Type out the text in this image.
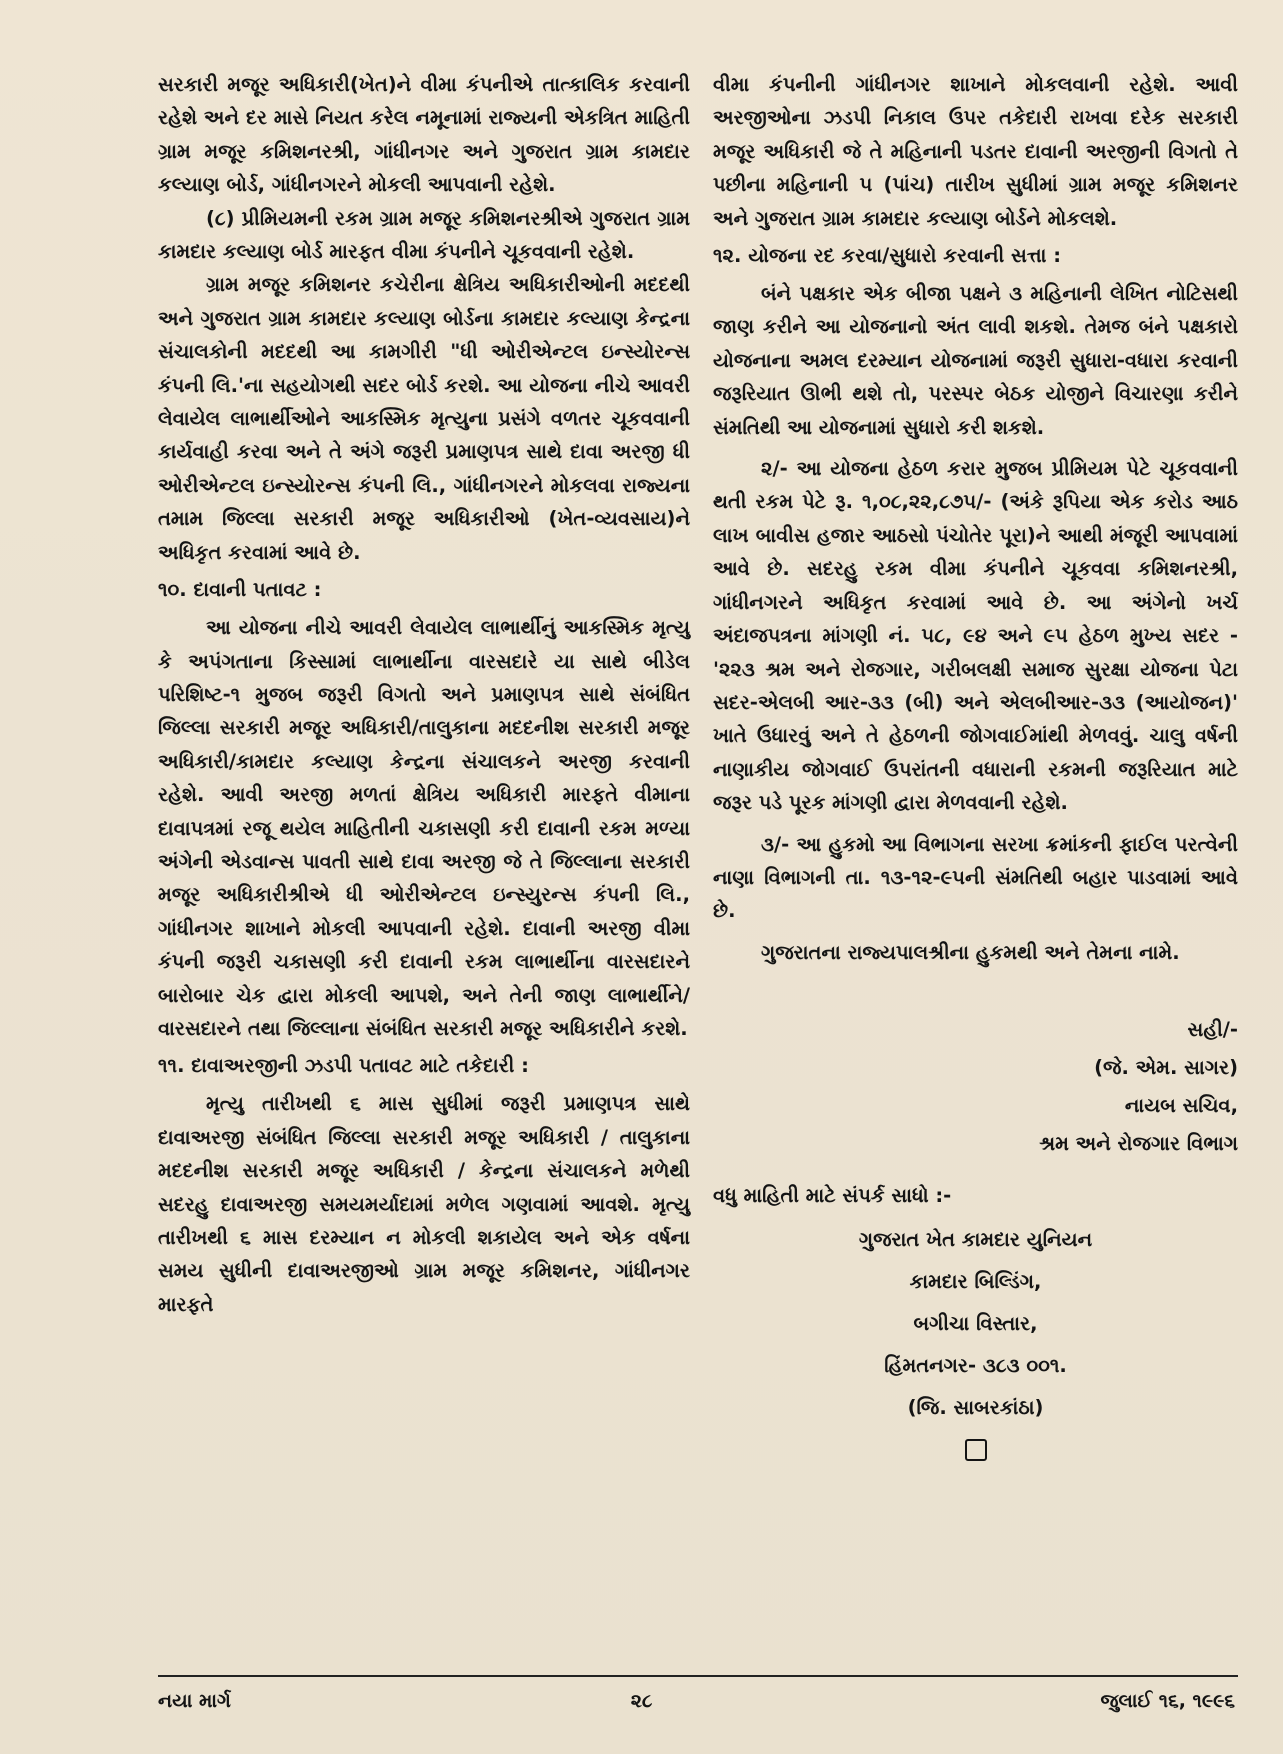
સરકારી મજૂર અધિકારી(ખેત)ને વીમા કંપનીએ તાત્કાલિક કરવાની રહેશે અને દર માસે નિયત કરેલ નમૂનામાં રાજ્યની એકત્રિત માહિતી ગ્રામ મજૂર કમિશનરશ્રી, ગાંધીનગર અને ગુજરાત ગ્રામ કામદાર કલ્યાણ બોર્ડ, ગાંધીનગરને મોકલી આપવાની રહેશે.

(૮) પ્રીમિયમની રકમ ગ્રામ મજૂર કમિશનરશ્રીએ ગુજરાત ગ્રામ કામદાર કલ્યાણ બોર્ડ મારફત વીમા કંપનીને ચૂકવવાની રહેશે.

ગ્રામ મજૂર કમિશનર કચેરીના ક્ષેત્રિય અધિકારીઓની મદદથી અને ગુજરાત ગ્રામ કામદાર કલ્યાણ બોર્ડના કામદાર કલ્યાણ કેન્દ્રના સંચાલકોની મદદથી આ કામગીરી "ધી ઓરીએન્ટલ ઇન્સ્યોરન્સ કંપની લિ.'ના સહયોગથી સદર બોર્ડ કરશે. આ યોજના નીચે આવરી લેવાયેલ લાભાર્થીઓને આકસ્મિક મૃત્યુના પ્રસંગે વળતર ચૂકવવાની કાર્યવાહી કરવા અને તે અંગે જરૂરી પ્રમાણપત્ર સાથે દાવા અરજી ધી ઓરીએન્ટલ ઇન્સ્યોરન્સ કંપની લિ., ગાંધીનગરને મોકલવા રાજ્યના તમામ જિલ્લા સરકારી મજૂર અધિકારીઓ (ખેત-વ્યવસાય)ને અધિકૃત કરવામાં આવે છે.

૧૦. દાવાની પતાવટ :

આ યોજના નીચે આવરી લેવાયેલ લાભાર્થીનું આકસ્મિક મૃત્યુ કે અપંગતાના કિસ્સામાં લાભાર્થીના વારસદારે યા સાથે બીડેલ પરિશિષ્ટ-૧ મુજબ જરૂરી વિગતો અને પ્રમાણપત્ર સાથે સંબંધિત જિલ્લા સરકારી મજૂર અધિકારી/તાલુકાના મદદનીશ સરકારી મજૂર અધિકારી/કામદાર કલ્યાણ કેન્દ્રના સંચાલકને અરજી કરવાની રહેશે. આવી અરજી મળતાં ક્ષેત્રિય અધિકારી મારફતે વીમાના દાવાપત્રમાં રજૂ થયેલ માહિતીની ચકાસણી કરી દાવાની રકમ મળ્યા અંગેની એડવાન્સ પાવતી સાથે દાવા અરજી જે તે જિલ્લાના સરકારી મજૂર અધિકારીશ્રીએ ધી ઓરીએન્ટલ ઇન્સ્યુરન્સ કંપની લિ., ગાંધીનગર શાખાને મોકલી આપવાની રહેશે. દાવાની અરજી વીમા કંપની જરૂરી ચકાસણી કરી દાવાની રકમ લાભાર્થીના વારસદારને બારોબાર ચેક દ્વારા મોકલી આપશે, અને તેની જાણ લાભાર્થીને/વારસદારને તથા જિલ્લાના સંબંધિત સરકારી મજૂર અધિકારીને કરશે.

૧૧. દાવાઅરજીની ઝડપી પતાવટ માટે તકેદારી :

મૃત્યુ તારીખથી ૬ માસ સુધીમાં જરૂરી પ્રમાણપત્ર સાથે દાવાઅરજી સંબંધિત જિલ્લા સરકારી મજૂર અધિકારી / તાલુકાના મદદનીશ સરકારી મજૂર અધિકારી / કેન્દ્રના સંચાલકને મળેથી સદરહુ દાવાઅરજી સમયમર્યાદામાં મળેલ ગણવામાં આવશે. મૃત્યુ તારીખથી ૬ માસ દરમ્યાન ન મોકલી શકાયેલ અને એક વર્ષના સમય સુધીની દાવાઅરજીઓ ગ્રામ મજૂર કમિશનર, ગાંધીનગર મારફતે

વીમા કંપનીની ગાંધીનગર શાખાને મોકલવાની રહેશે. આવી અરજીઓના ઝડપી નિકાલ ઉપર તકેદારી રાખવા દરેક સરકારી મજૂર અધિકારી જે તે મહિનાની પડતર દાવાની અરજીની વિગતો તે પછીના મહિનાની ૫ (પાંચ) તારીખ સુધીમાં ગ્રામ મજૂર કમિશનર અને ગુજરાત ગ્રામ કામદાર કલ્યાણ બોર્ડને મોકલશે.

૧૨. યોજના રદ કરવા/સુધારો કરવાની સત્તા :

બંને પક્ષકાર એક બીજા પક્ષને ૩ મહિનાની લેખિત નોટિસથી જાણ કરીને આ યોજનાનો અંત લાવી શકશે. તેમજ બંને પક્ષકારો યોજનાના અમલ દરમ્યાન યોજનામાં જરૂરી સુધારા-વધારા કરવાની જરૂરિયાત ઊભી થશે તો, પરસ્પર બેઠક યોજીને વિચારણા કરીને સંમતિથી આ યોજનામાં સુધારો કરી શકશે.

૨/- આ યોજના હેઠળ કરાર મુજબ પ્રીમિયમ પેટે ચૂકવવાની થતી રકમ પેટે રૂ. ૧,૦૮,૨૨,૮૭૫/- (અંકે રૂપિયા એક કરોડ આઠ લાખ બાવીસ હજાર આઠસો પંચોતેર પૂરા)ને આથી મંજૂરી આપવામાં આવે છે. સદરહુ રકમ વીમા કંપનીને ચૂકવવા કમિશનરશ્રી, ગાંધીનગરને અધિકૃત કરવામાં આવે છે. આ અંગેનો ખર્ચ અંદાજપત્રના માંગણી નં. ૫૮, ૯૪ અને ૯૫ હેઠળ મુખ્ય સદર - '૨૨૩ શ્રમ અને રોજગાર, ગરીબલક્ષી સમાજ સુરક્ષા યોજના પેટા સદર-એલબી આર-૩૩ (બી) અને એલબીઆર-૩૩ (આયોજન)' ખાતે ઉધારવું અને તે હેઠળની જોગવાઈમાંથી મેળવવું. ચાલુ વર્ષની નાણાકીય જોગવાઈ ઉપરાંતની વધારાની રકમની જરૂરિયાત માટે જરૂર પડે પૂરક માંગણી દ્વારા મેળવવાની રહેશે.

૩/- આ હુકમો આ વિભાગના સરખા ક્રમાંકની ફાઈલ પરત્વેની નાણા વિભાગની તા. ૧૩-૧૨-૯૫ની સંમતિથી બહાર પાડવામાં આવે છે.

ગુજરાતના રાજ્યપાલશ્રીના હુકમથી અને તેમના નામે.

સહી/-
(જે. એમ. સાગર)
નાયબ સચિવ,
શ્રમ અને રોજગાર વિભાગ
વધુ માહિતી માટે સંપર્ક સાધો :-
ગુજરાત ખેત કામદાર યુનિયન
કામદાર બિલ્ડિંગ,
બગીચા વિસ્તાર,
હિંમતનગર- ૩૮૩ ૦૦૧.
(જિ. સાબરકાંઠા)
૨૮
નયા માર્ગ	જુલાઈ ૧૬, ૧૯૯૬
